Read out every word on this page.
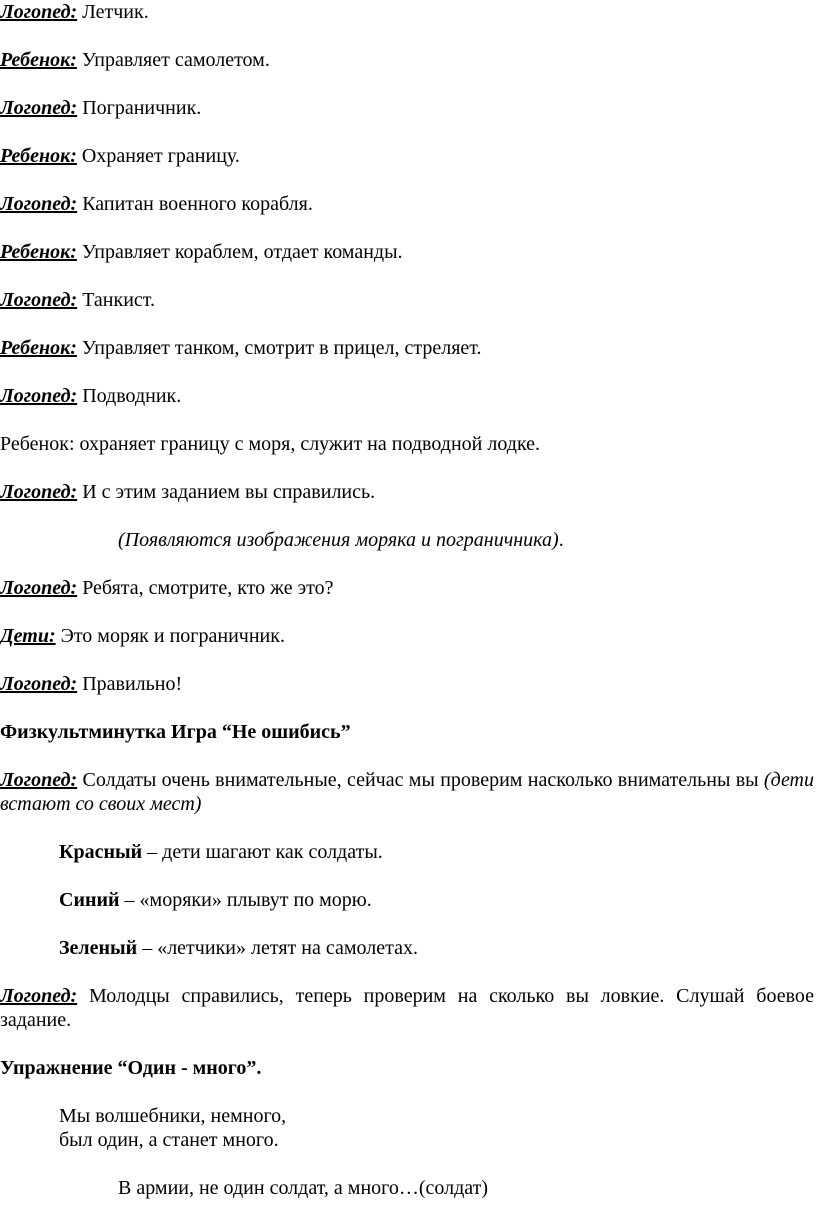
Логопед: Летчик.
Ребенок: Управляет самолетом.
Логопед: Пограничник.
Ребенок: Охраняет границу.
Логопед: Капитан военного корабля.
Ребенок: Управляет кораблем, отдает команды.
Логопед: Танкист.
Ребенок: Управляет танком, смотрит в прицел, стреляет.
Логопед: Подводник.
Ребенок: охраняет границу с моря, служит на подводной лодке.
Логопед: И с этим заданием вы справились.
(Появляются изображения моряка и пограничника).
Логопед: Ребята, смотрите, кто же это?
Дети: Это моряк и пограничник.
Логопед: Правильно!
Физкультминутка Игра “Не ошибись”
Логопед: Солдаты очень внимательные, сейчас мы проверим насколько внимательны вы (дети встают со своих мест)
Красный – дети шагают как солдаты.
Синий – «моряки» плывут по морю.
Зеленый – «летчики» летят на самолетах.
Логопед: Молодцы справились, теперь проверим на сколько вы ловкие. Слушай боевое задание.
Упражнение “Один - много”.
Мы волшебники, немного,
был один, а станет много.
В армии, не один солдат, а много…(солдат)
